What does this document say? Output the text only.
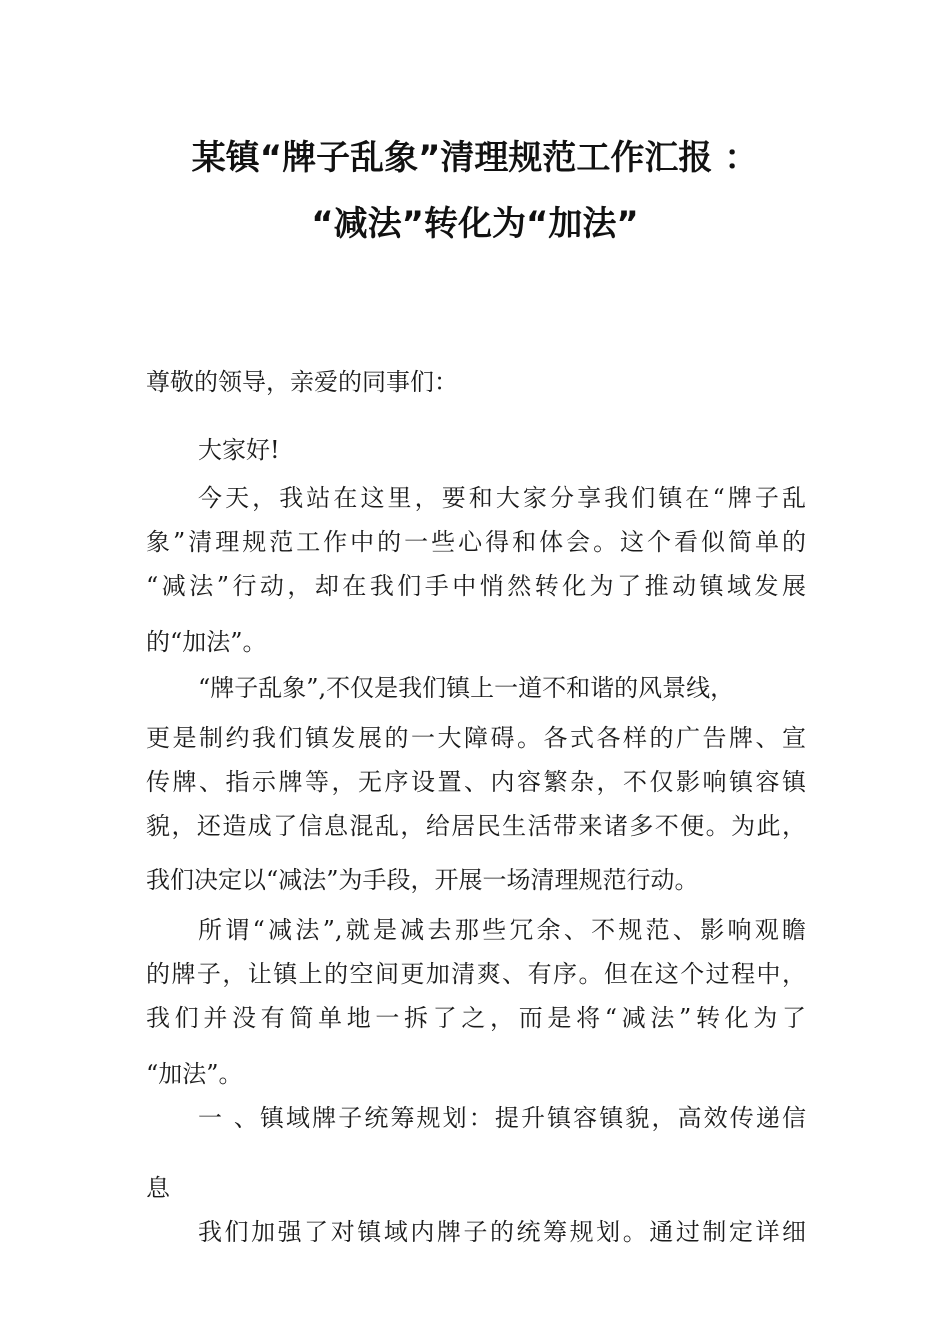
某镇“牌子乱象”清理规范工作汇报 ：
“减法”转化为“加法”
尊敬的领导，亲爱的同事们：
大家好!
今天，我站在这里，要和大家分享我们镇在“牌子乱
象”清理规范工作中的一些心得和体会。这个看似简单的
“减法”行动，却在我们手中悄然转化为了推动镇域发展
的“加法”。
“牌子乱象”,不仅是我们镇上一道不和谐的风景线，
更是制约我们镇发展的一大障碍。各式各样的广告牌、宣
传牌、指示牌等，无序设置、内容繁杂，不仅影响镇容镇
貌，还造成了信息混乱，给居民生活带来诸多不便。为此，
我们决定以“减法”为手段，开展一场清理规范行动。
所谓“减法”,就是减去那些冗余、不规范、影响观瞻
的牌子，让镇上的空间更加清爽、有序。但在这个过程中，
我们并没有简单地一拆了之，而是将“减法”转化为了
“加法”。
一 、镇域牌子统筹规划：提升镇容镇貌，高效传递信
息
我们加强了对镇域内牌子的统筹规划。通过制定详细
